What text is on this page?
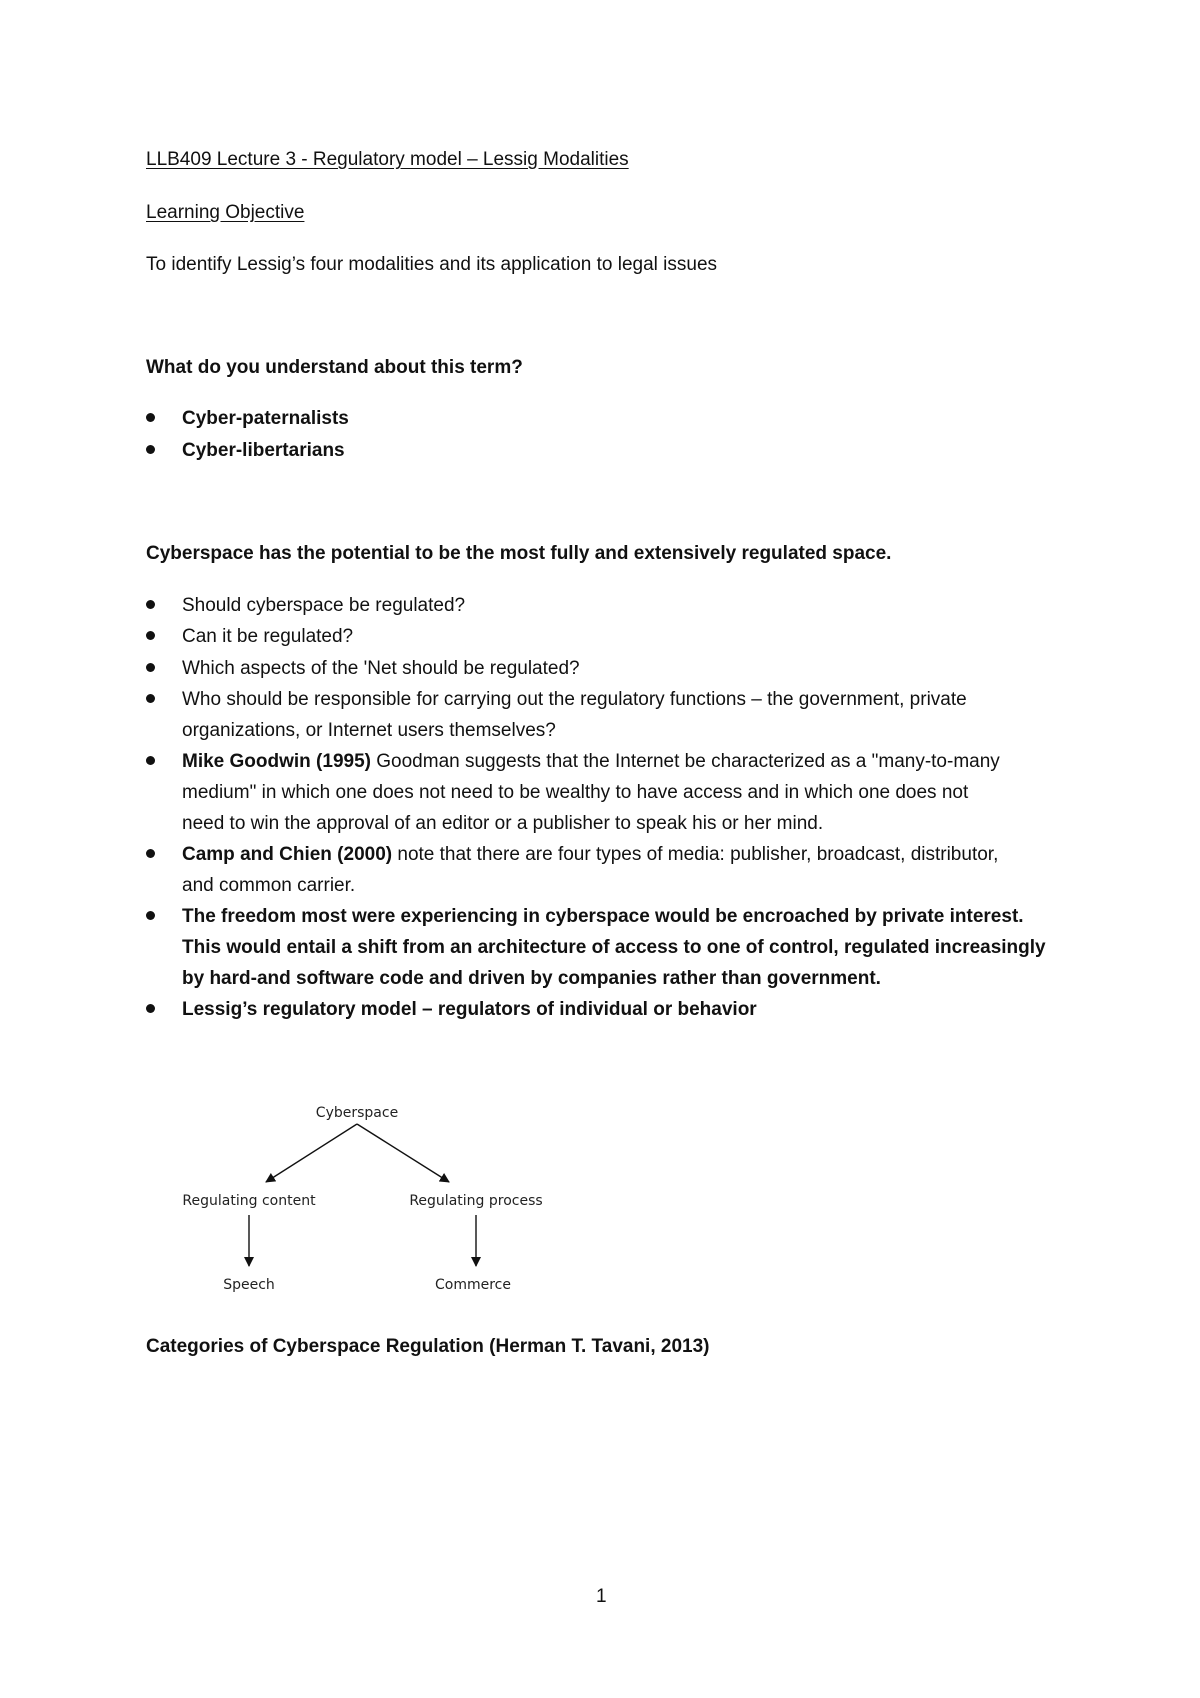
LLB409 Lecture 3 - Regulatory model – Lessig Modalities
Learning Objective
To identify Lessig’s four modalities and its application to legal issues
What do you understand about this term?
Cyber-paternalists
Cyber-libertarians
Cyberspace has the potential to be the most fully and extensively regulated space.
Should cyberspace be regulated?
Can it be regulated?
Which aspects of the 'Net should be regulated?
Who should be responsible for carrying out the regulatory functions – the government, private
organizations, or Internet users themselves?
Mike Goodwin (1995) Goodman suggests that the Internet be characterized as a "many-to-many
medium" in which one does not need to be wealthy to have access and in which one does not
need to win the approval of an editor or a publisher to speak his or her mind.
Camp and Chien (2000) note that there are four types of media: publisher, broadcast, distributor,
and common carrier.
The freedom most were experiencing in cyberspace would be encroached by private interest.
This would entail a shift from an architecture of access to one of control, regulated increasingly
by hard-and software code and driven by companies rather than government.
Lessig’s regulatory model – regulators of individual or behavior
Cyberspace
Regulating content	Regulating process
Speech	Commerce
Categories of Cyberspace Regulation (Herman T. Tavani, 2013)
1
